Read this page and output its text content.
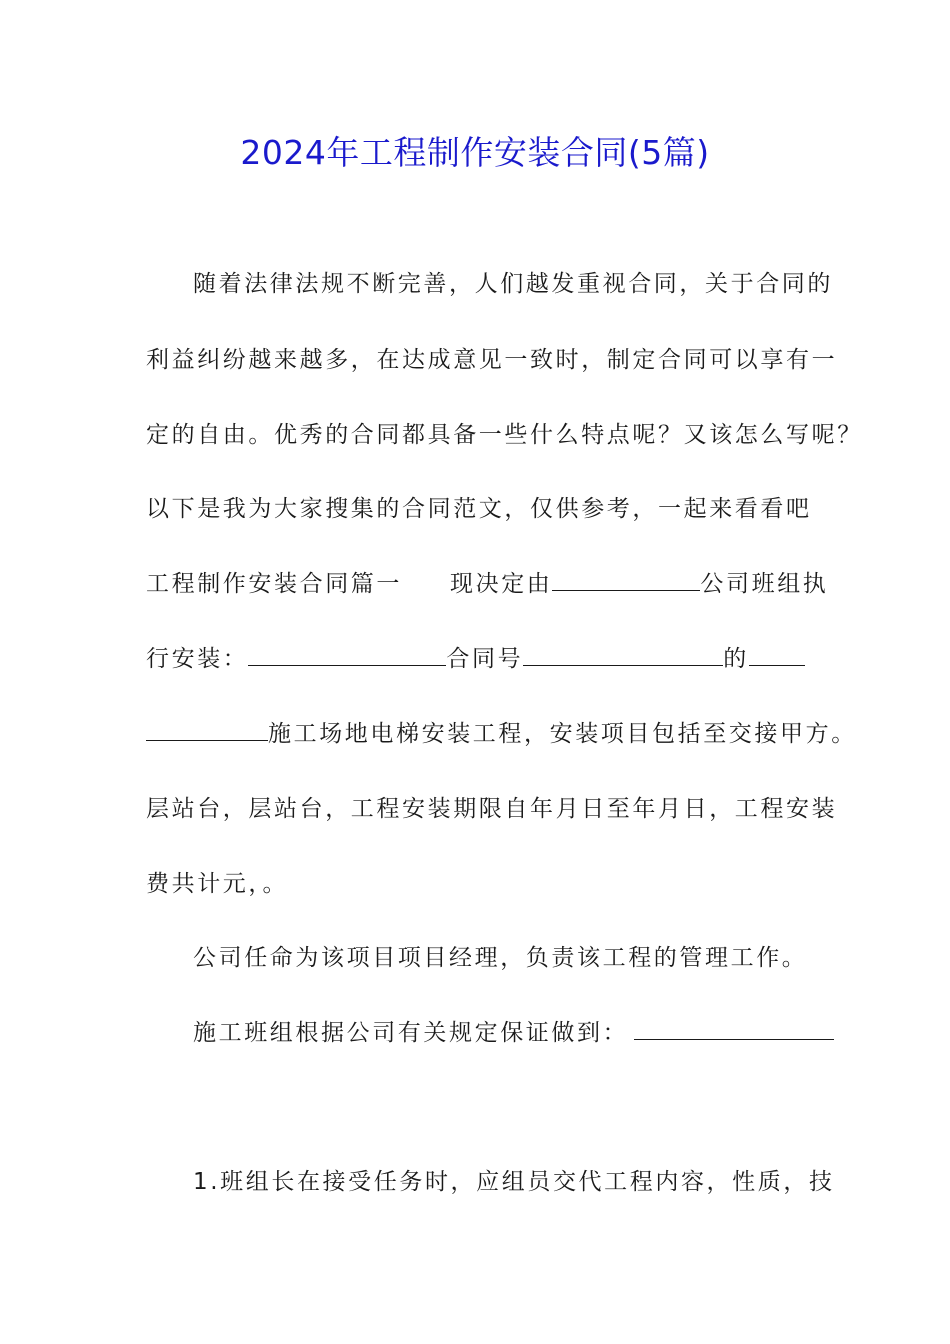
2024年工程制作安装合同(5篇)
随着法律法规不断完善，人们越发重视合同，关于合同的
利益纠纷越来越多，在达成意见一致时，制定合同可以享有一
定的自由。优秀的合同都具备一些什么特点呢？又该怎么写呢？
以下是我为大家搜集的合同范文，仅供参考，一起来看看吧
工程制作安装合同篇一 现决定由	公司班组执
行安装：	合同号	的
施工场地电梯安装工程，安装项目包括至交接甲方。
层站台，层站台，工程安装期限自年月日至年月日，工程安装
费共计元，。
公司任命为该项目项目经理，负责该工程的管理工作。
施工班组根据公司有关规定保证做到：
1.班组长在接受任务时，应组员交代工程内容，性质，技
